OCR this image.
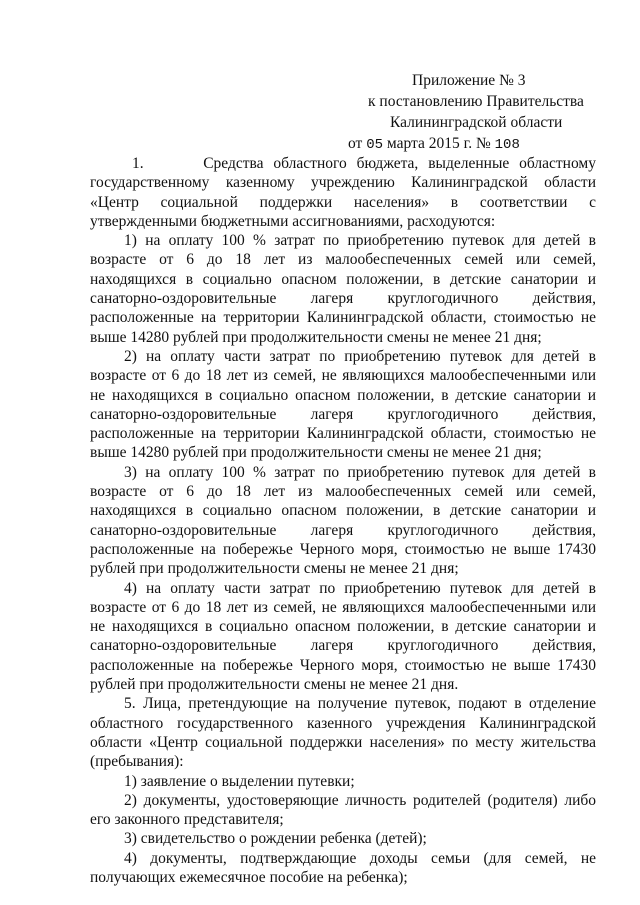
Приложение № 3
к постановлению Правительства
Калининградской области
от 05 марта 2015 г. № 108

1.      Средства областного бюджета, выделенные областному государственному казенному учреждению Калининградской области «Центр социальной поддержки населения» в соответствии с утвержденными бюджетными ассигнованиями, расходуются:

1) на оплату 100 % затрат по приобретению путевок для детей в возрасте от 6 до 18 лет из малообеспеченных семей или семей, находящихся в социально опасном положении, в детские санатории и санаторно-оздоровительные лагеря круглогодичного действия, расположенные на территории Калининградской области, стоимостью не выше 14280 рублей при продолжительности смены не менее 21 дня;

2) на оплату части затрат по приобретению путевок для детей в возрасте от 6 до 18 лет из семей, не являющихся малообеспеченными или не находящихся в социально опасном положении, в детские санатории и санаторно-оздоровительные лагеря круглогодичного действия, расположенные на территории Калининградской области, стоимостью не выше 14280 рублей при продолжительности смены не менее 21 дня;

3) на оплату 100 % затрат по приобретению путевок для детей в возрасте от 6 до 18 лет из малообеспеченных семей или семей, находящихся в социально опасном положении, в детские санатории и санаторно-оздоровительные лагеря круглогодичного действия, расположенные на побережье Черного моря, стоимостью не выше 17430 рублей при продолжительности смены не менее 21 дня;

4) на оплату части затрат по приобретению путевок для детей в возрасте от 6 до 18 лет из семей, не являющихся малообеспеченными или не находящихся в социально опасном положении, в детские санатории и санаторно-оздоровительные лагеря круглогодичного действия, расположенные на побережье Черного моря, стоимостью не выше 17430 рублей при продолжительности смены не менее 21 дня.

5. Лица, претендующие на получение путевок, подают в отделение областного государственного казенного учреждения Калининградской области «Центр социальной поддержки населения» по месту жительства (пребывания):

1) заявление о выделении путевки;

2) документы, удостоверяющие личность родителей (родителя) либо его законного представителя;

3) свидетельство о рождении ребенка (детей);

4) документы, подтверждающие доходы семьи (для семей, не получающих ежемесячное пособие на ребенка);
